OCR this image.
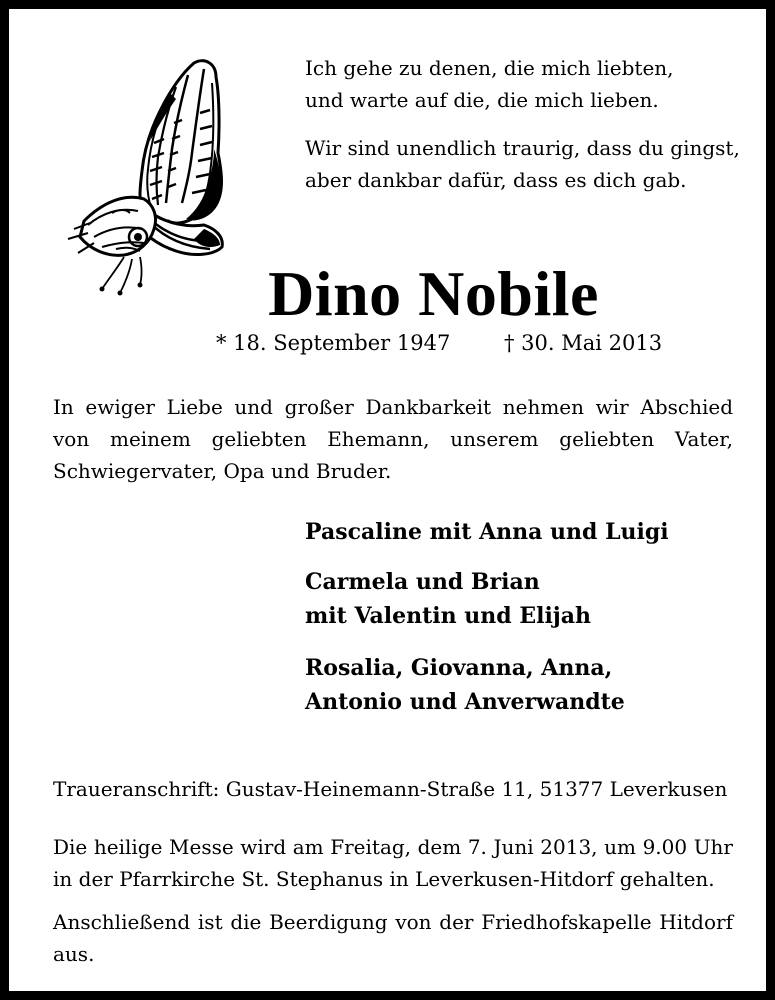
Ich gehe zu denen, die mich liebten,

und warte auf die, die mich lieben.

Wir sind unendlich traurig, dass du gingst,

aber dankbar dafür, dass es dich gab.

Dino Nobile
* 18. September 1947	† 30. Mai 2013

In ewiger Liebe und großer Dankbarkeit nehmen wir Abschied von meinem geliebten Ehemann, unserem geliebten Vater, Schwiegervater, Opa und Bruder.

Pascaline mit Anna und Luigi

Carmela und Brian

mit Valentin und Elijah

Rosalia, Giovanna, Anna,

Antonio und Anverwandte

Traueranschrift: Gustav-Heinemann-Straße 11, 51377 Leverkusen

Die heilige Messe wird am Freitag, dem 7. Juni 2013, um 9.00 Uhr in der Pfarrkirche St. Stephanus in Leverkusen-Hitdorf gehalten.

Anschließend ist die Beerdigung von der Friedhofskapelle Hitdorf aus.
